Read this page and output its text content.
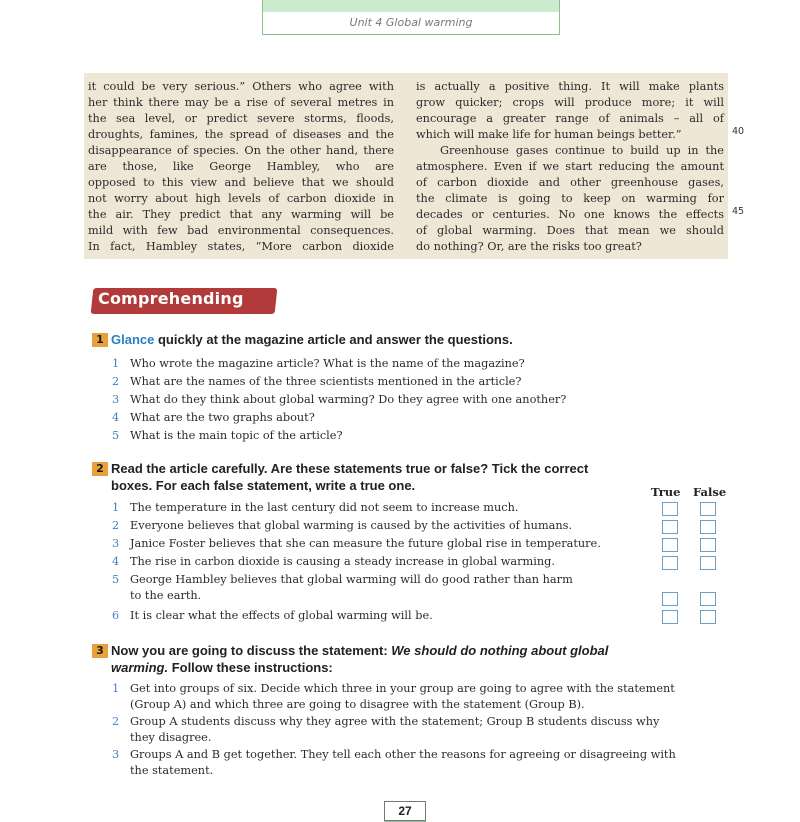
Unit 4 Global warming
it could be very serious.” Others who agree with
her think there may be a rise of several metres in
the sea level, or predict severe storms, floods,
droughts, famines, the spread of diseases and the
disappearance of species. On the other hand, there
are those, like George Hambley, who are
opposed to this view and believe that we should
not worry about high levels of carbon dioxide in
the air. They predict that any warming will be
mild with few bad environmental consequences.
In fact, Hambley states, “More carbon dioxide
is actually a positive thing. It will make plants
grow quicker; crops will produce more; it will
encourage a greater range of animals – all of
which will make life for human beings better.”
Greenhouse gases continue to build up in the
atmosphere. Even if we start reducing the amount
of carbon dioxide and other greenhouse gases,
the climate is going to keep on warming for
decades or centuries. No one knows the effects
of global warming. Does that mean we should
do nothing? Or, are the risks too great?
40
45
Comprehending
1 Glance quickly at the magazine article and answer the questions.
1 Who wrote the magazine article? What is the name of the magazine?
2 What are the names of the three scientists mentioned in the article?
3 What do they think about global warming? Do they agree with one another?
4 What are the two graphs about?
5 What is the main topic of the article?
2 Read the article carefully. Are these statements true or false? Tick the correct
boxes. For each false statement, write a true one.	True False
1 The temperature in the last century did not seem to increase much.
2 Everyone believes that global warming is caused by the activities of humans.
3 Janice Foster believes that she can measure the future global rise in temperature.
4 The rise in carbon dioxide is causing a steady increase in global warming.
5 George Hambley believes that global warming will do good rather than harm
to the earth.
6 It is clear what the effects of global warming will be.
3 Now you are going to discuss the statement: We should do nothing about global
warming. Follow these instructions:
1 Get into groups of six. Decide which three in your group are going to agree with the statement
(Group A) and which three are going to disagree with the statement (Group B).
2 Group A students discuss why they agree with the statement; Group B students discuss why
they disagree.
3 Groups A and B get together. They tell each other the reasons for agreeing or disagreeing with
the statement.
27
